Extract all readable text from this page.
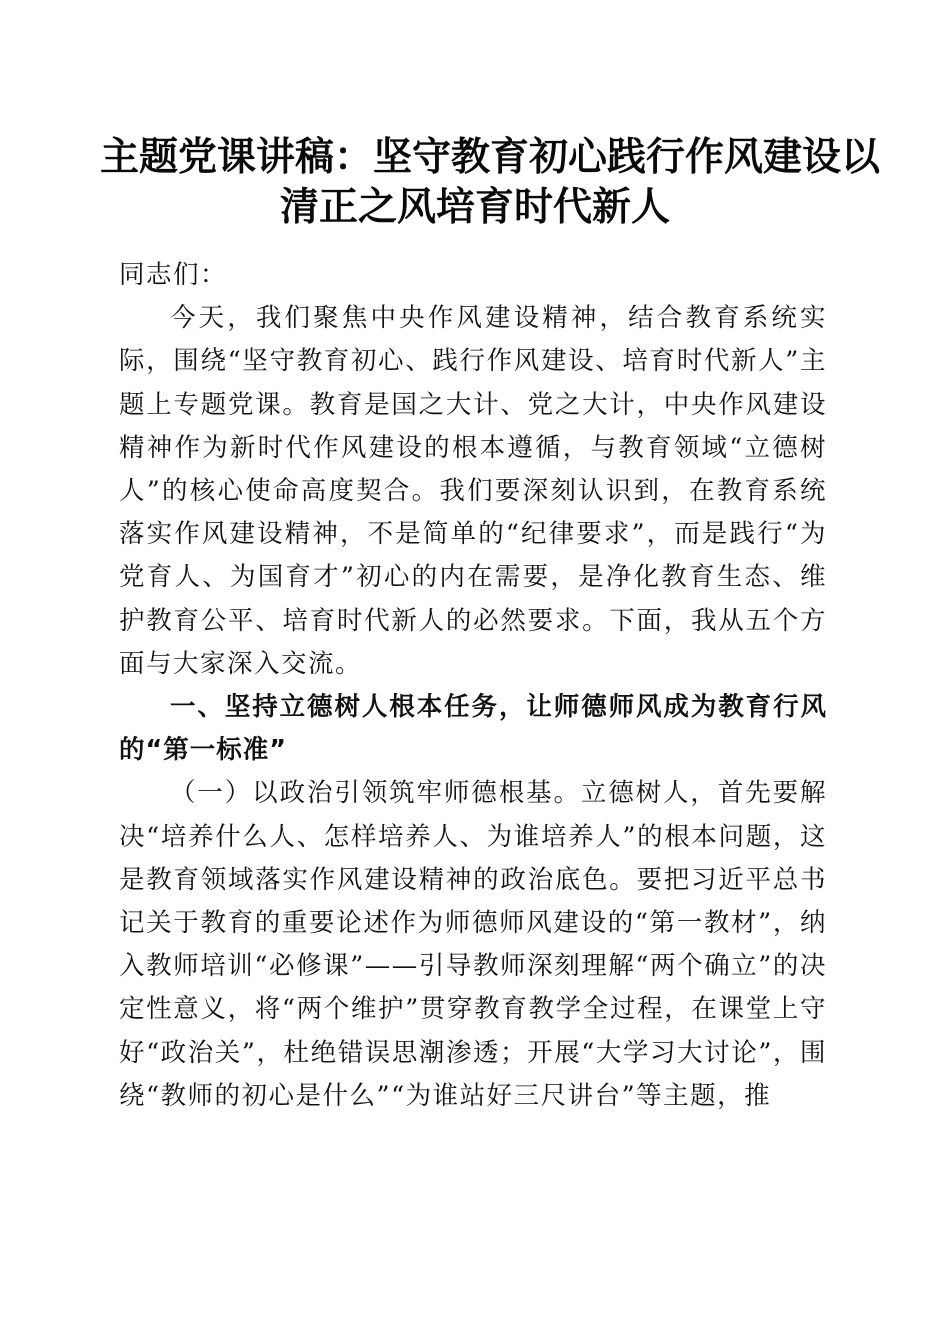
主题党课讲稿：坚守教育初心践行作风建设以
清正之风培育时代新人

同志们：

今天，我们聚焦中央作风建设精神，结合教育系统实际，围绕“坚守教育初心、践行作风建设、培育时代新人”主题上专题党课。教育是国之大计、党之大计，中央作风建设精神作为新时代作风建设的根本遵循，与教育领域“立德树人”的核心使命高度契合。我们要深刻认识到，在教育系统落实作风建设精神，不是简单的“纪律要求”，而是践行“为党育人、为国育才”初心的内在需要，是净化教育生态、维护教育公平、培育时代新人的必然要求。下面，我从五个方面与大家深入交流。

一、坚持立德树人根本任务，让师德师风成为教育行风的“第一标准”

（一）以政治引领筑牢师德根基。立德树人，首先要解决“培养什么人、怎样培养人、为谁培养人”的根本问题，这是教育领域落实作风建设精神的政治底色。要把习近平总书记关于教育的重要论述作为师德师风建设的“第一教材”，纳入教师培训“必修课”——引导教师深刻理解“两个确立”的决定性意义，将“两个维护”贯穿教育教学全过程，在课堂上守好“政治关”，杜绝错误思潮渗透；开展“大学习大讨论”，围绕“教师的初心是什么”“为谁站好三尺讲台”等主题，推
